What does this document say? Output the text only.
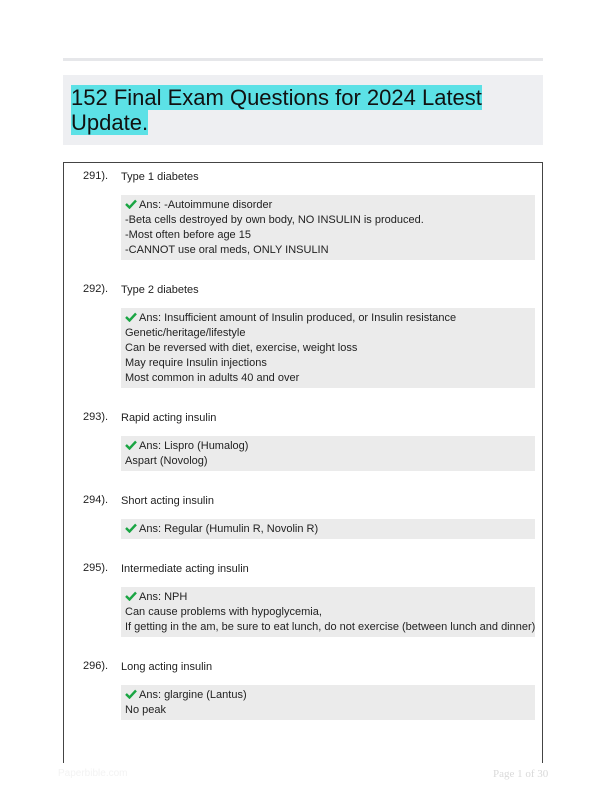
152 Final Exam Questions for 2024 Latest
Update.
291). Type 1 diabetes
Ans: -Autoimmune disorder
-Beta cells destroyed by own body, NO INSULIN is produced.
-Most often before age 15
-CANNOT use oral meds, ONLY INSULIN
292). Type 2 diabetes
Ans: Insufficient amount of Insulin produced, or Insulin resistance
Genetic/heritage/lifestyle
Can be reversed with diet, exercise, weight loss
May require Insulin injections
Most common in adults 40 and over
293). Rapid acting insulin
Ans: Lispro (Humalog)
Aspart (Novolog)
294). Short acting insulin
Ans: Regular (Humulin R, Novolin R)
295). Intermediate acting insulin
Ans: NPH
Can cause problems with hypoglycemia,
If getting in the am, be sure to eat lunch, do not exercise (between lunch and dinner)
296). Long acting insulin
Ans: glargine (Lantus)
No peak
Paperbible.com	Page 1 of 30
